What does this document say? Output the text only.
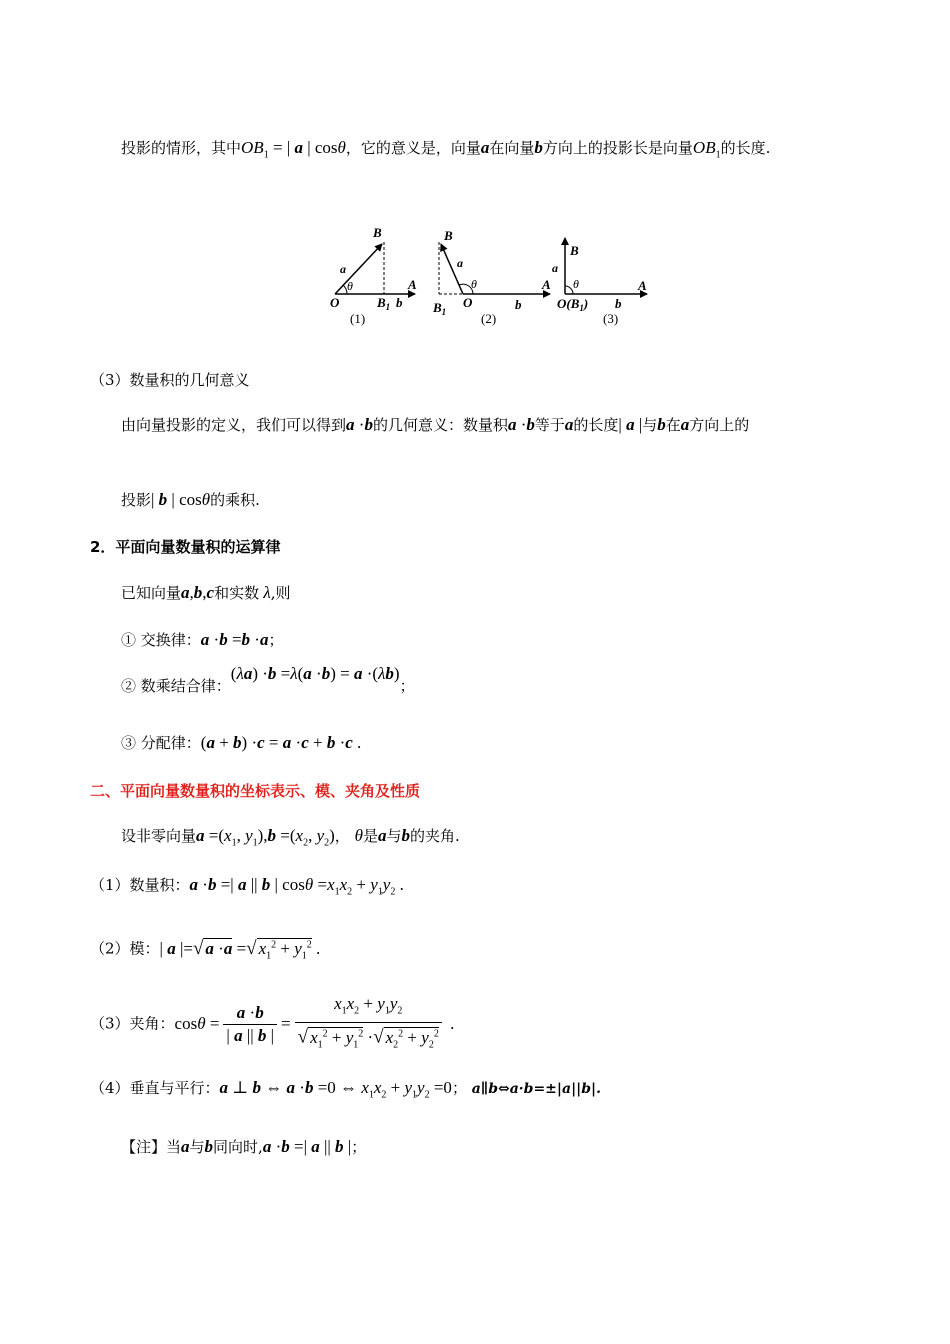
投影的情形，其中$OB_1$ = | a | cosθ，它的意义是，向量a在向量b方向上的投影长是向量$OB_1$的长度.
B
a
θ
O	$B_1$
A
b
(1)
B
a
θ
O
$B_1$
A
b
(2)
B
a
θ
$O(B_1)$
A
b
(3)
（3）数量积的几何意义
由向量投影的定义，我们可以得到a ·b的几何意义：数量积a ·b等于a的长度| a |与b在a方向上的
投影| b | cosθ的乘积.
2．平面向量数量积的运算律
已知向量a,b,c和实数 λ,则
① 交换律：a ·b =b ·a；
② 数乘结合律：(λa) ·b =λ(a ·b) = a ·(λb)；
③ 分配律：(a + b) ·c = a ·c + b ·c .
二、平面向量数量积的坐标表示、模、夹角及性质
设非零向量$a =(x_1$, $y_1),b =(x_2$, $y_2$)， θ是a与b的夹角.
（1）数量积：a ·b =| a || b | $\cos\theta =x_1x_2 + y_1y_2$ .
（2）模：| a |=√ a ·a =√ $x_1^2 + y_1^2$ .
（3）夹角：$\cos\theta = \frac{a \cdot b}{| a || b |} = \frac{x_1x_2 + y_1y_2}{√ x_1^2 + y_1^2 \cdot√ x_2^2 + y_2^2}$ .
（4）垂直与平行：a ⊥ b ⇔ a ·b =0 ⇔ $x_1x_2 + y_1y_2 =0$； a∥b⇔a·b=±|a||b|.
【注】当a与b同向时,a ·b =| a || b |；
